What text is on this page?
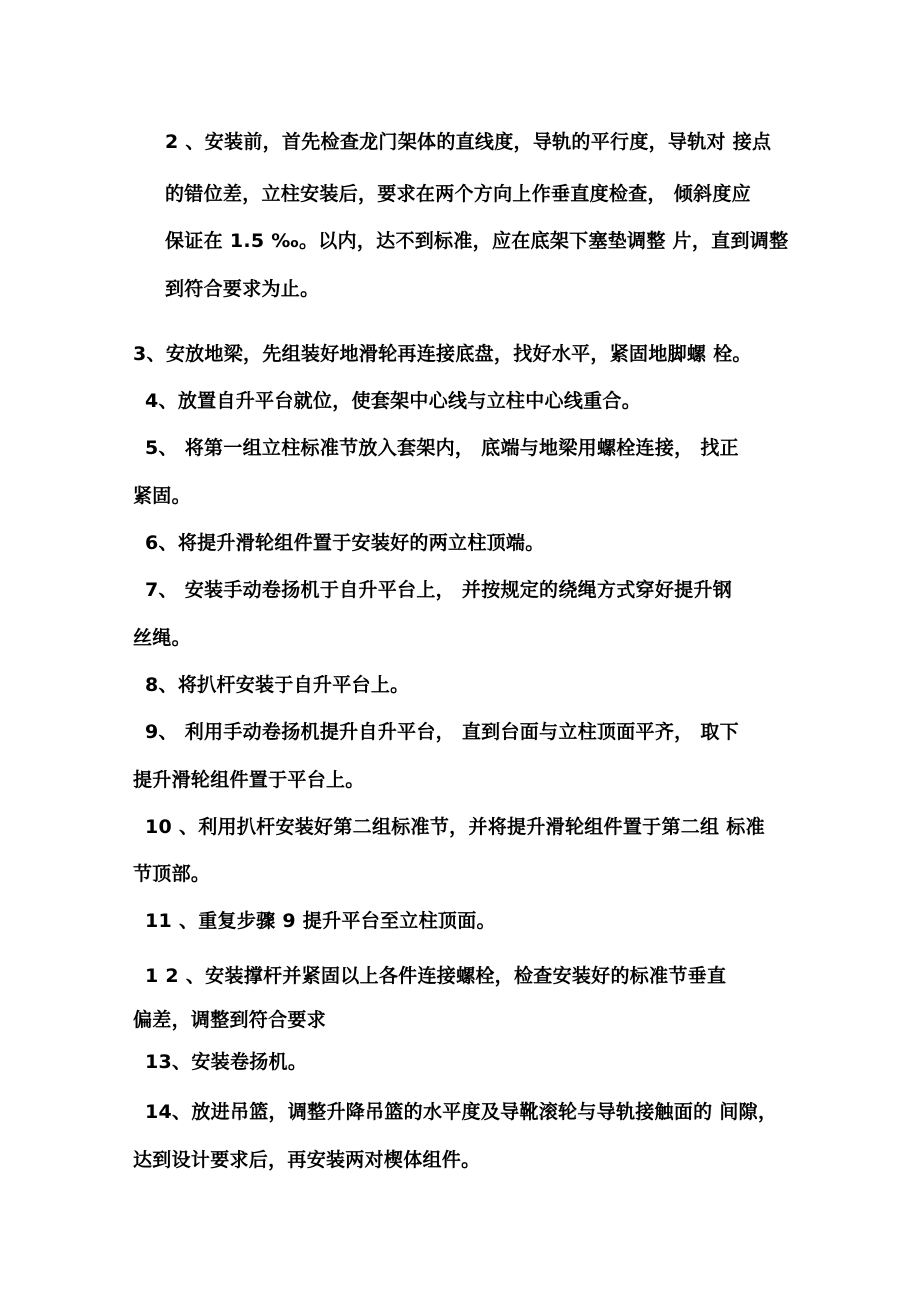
2 、安装前，首先检查龙门架体的直线度，导轨的平行度，导轨对 接点
的错位差，立柱安装后，要求在两个方向上作垂直度检查， 倾斜度应
保证在 1.5 ‰。以内，达不到标准，应在底架下塞垫调整 片，直到调整
到符合要求为止。
3、安放地梁，先组装好地滑轮再连接底盘，找好水平，紧固地脚螺 栓。
4、放置自升平台就位，使套架中心线与立柱中心线重合。
5、 将第一组立柱标准节放入套架内， 底端与地梁用螺栓连接， 找正
紧固。
6、将提升滑轮组件置于安装好的两立柱顶端。
7、 安装手动卷扬机于自升平台上， 并按规定的绕绳方式穿好提升钢
丝绳。
8、将扒杆安装于自升平台上。
9、 利用手动卷扬机提升自升平台， 直到台面与立柱顶面平齐， 取下
提升滑轮组件置于平台上。
10 、利用扒杆安装好第二组标准节，并将提升滑轮组件置于第二组 标准
节顶部。
11 、重复步骤 9 提升平台至立柱顶面。
1 2 、安装撑杆并紧固以上各件连接螺栓，检查安装好的标准节垂直
偏差，调整到符合要求
13、安装卷扬机。
14、放进吊篮，调整升降吊篮的水平度及导靴滚轮与导轨接触面的 间隙，
达到设计要求后，再安装两对楔体组件。
